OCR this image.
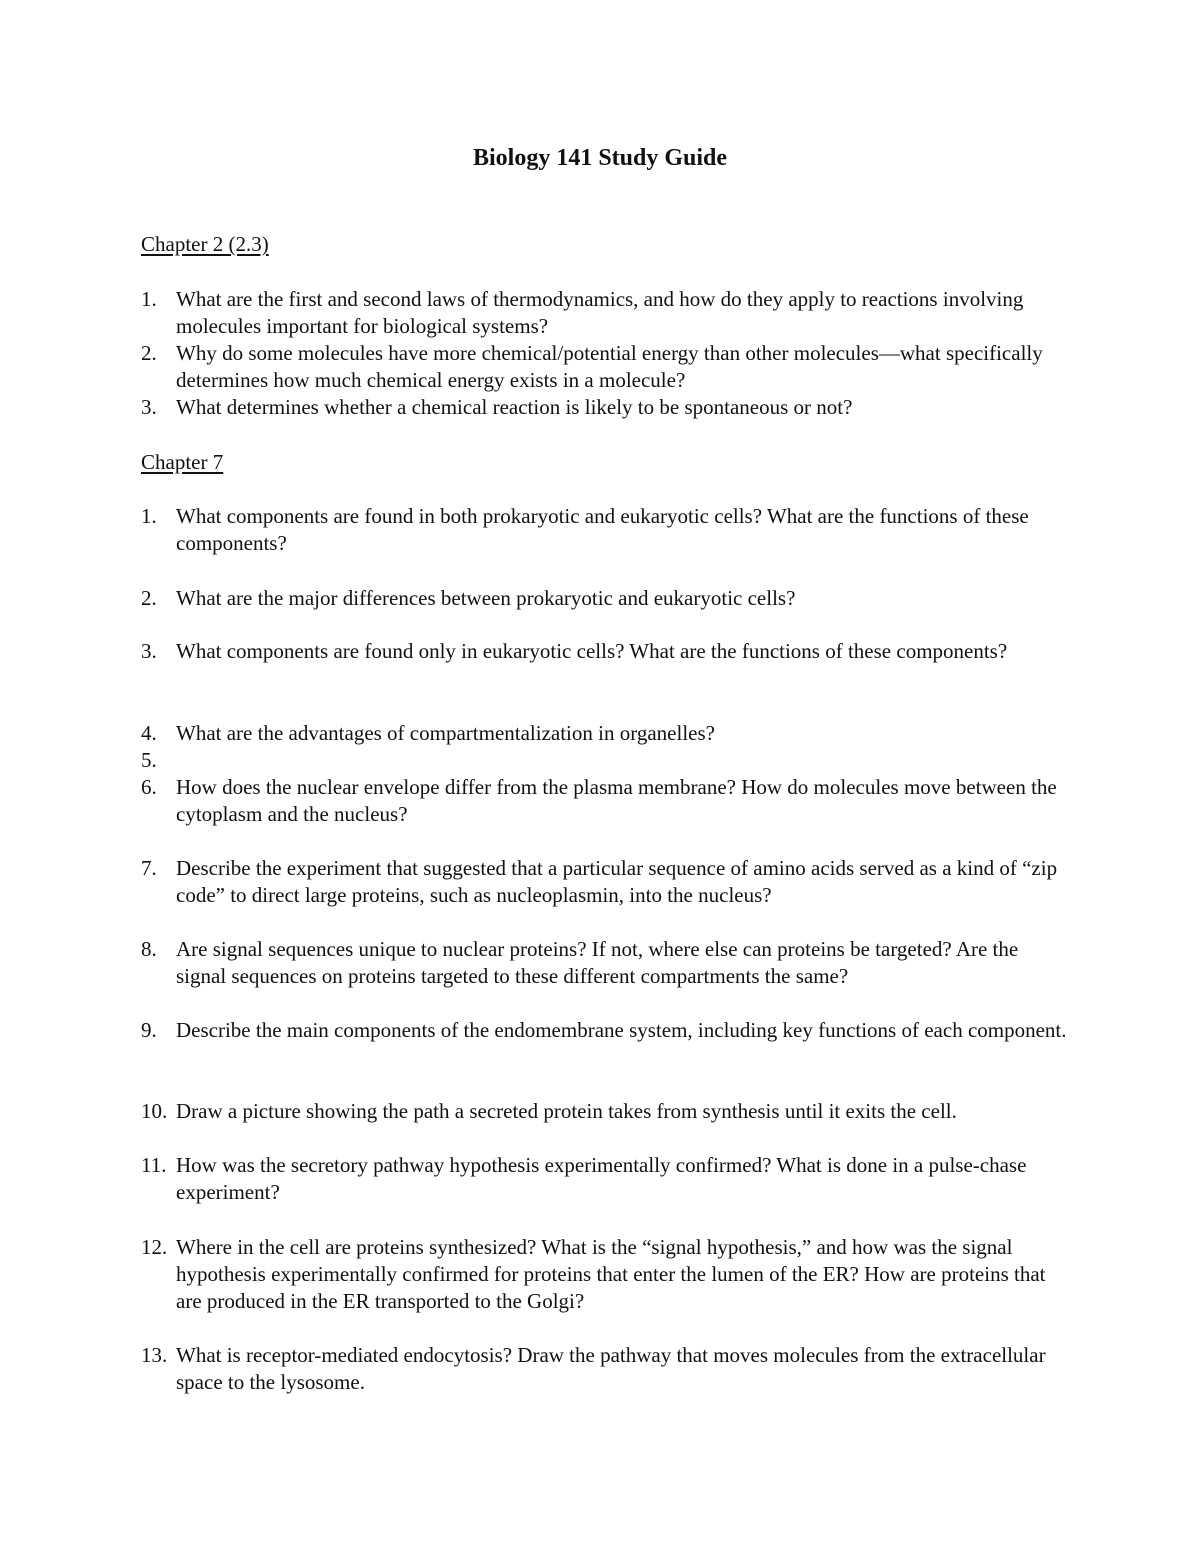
Biology 141 Study Guide
Chapter 2 (2.3)
1. What are the first and second laws of thermodynamics, and how do they apply to reactions involving molecules important for biological systems?
2. Why do some molecules have more chemical/potential energy than other molecules—what specifically determines how much chemical energy exists in a molecule?
3. What determines whether a chemical reaction is likely to be spontaneous or not?
Chapter 7
1. What components are found in both prokaryotic and eukaryotic cells? What are the functions of these components?
2. What are the major differences between prokaryotic and eukaryotic cells?
3. What components are found only in eukaryotic cells? What are the functions of these components?
4. What are the advantages of compartmentalization in organelles?
5.
6. How does the nuclear envelope differ from the plasma membrane? How do molecules move between the cytoplasm and the nucleus?
7. Describe the experiment that suggested that a particular sequence of amino acids served as a kind of “zip code” to direct large proteins, such as nucleoplasmin, into the nucleus?
8. Are signal sequences unique to nuclear proteins? If not, where else can proteins be targeted? Are the signal sequences on proteins targeted to these different compartments the same?
9. Describe the main components of the endomembrane system, including key functions of each component.
10. Draw a picture showing the path a secreted protein takes from synthesis until it exits the cell.
11. How was the secretory pathway hypothesis experimentally confirmed? What is done in a pulse-chase experiment?
12. Where in the cell are proteins synthesized? What is the “signal hypothesis,” and how was the signal hypothesis experimentally confirmed for proteins that enter the lumen of the ER? How are proteins that are produced in the ER transported to the Golgi?
13. What is receptor-mediated endocytosis? Draw the pathway that moves molecules from the extracellular space to the lysosome.
